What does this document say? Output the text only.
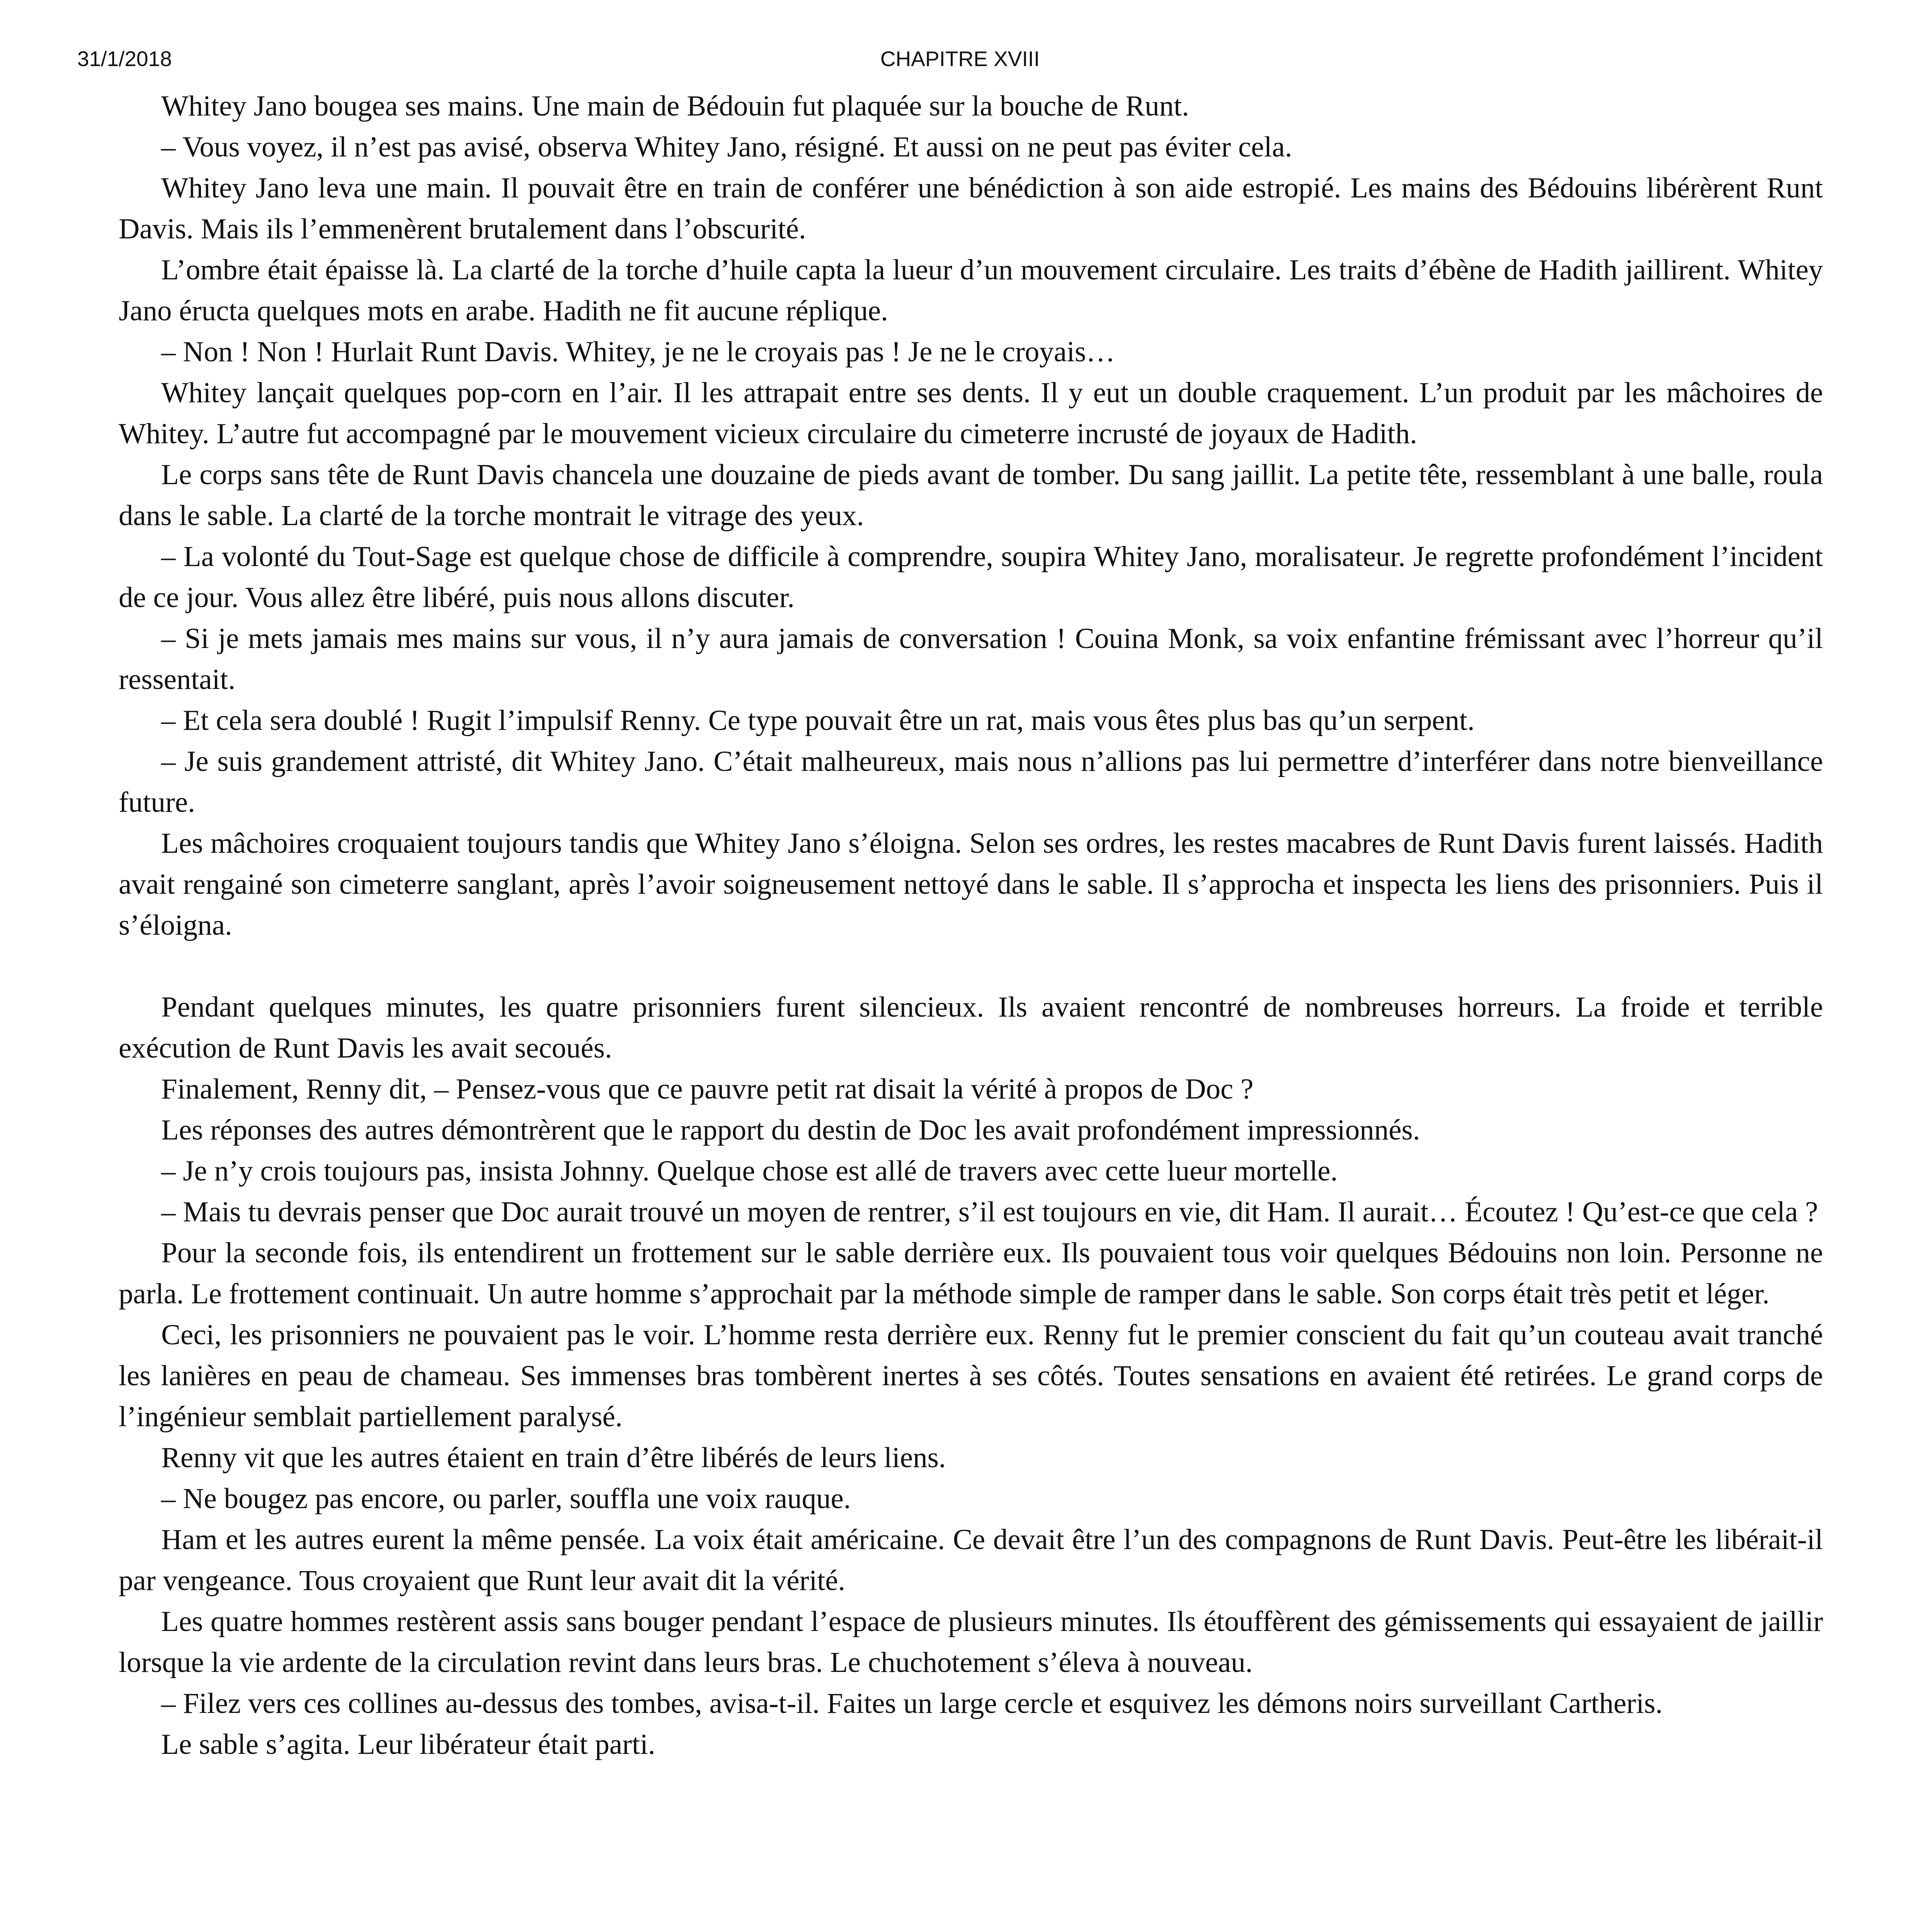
31/1/2018	CHAPITRE XVIII

Whitey Jano bougea ses mains. Une main de Bédouin fut plaquée sur la bouche de Runt.

– Vous voyez, il n’est pas avisé, observa Whitey Jano, résigné. Et aussi on ne peut pas éviter cela.

Whitey Jano leva une main. Il pouvait être en train de conférer une bénédiction à son aide estropié. Les mains des Bédouins libérèrent Runt Davis. Mais ils l’emmenèrent brutalement dans l’obscurité.

L’ombre était épaisse là. La clarté de la torche d’huile capta la lueur d’un mouvement circulaire. Les traits d’ébène de Hadith jaillirent. Whitey Jano éructa quelques mots en arabe. Hadith ne fit aucune réplique.

– Non ! Non ! Hurlait Runt Davis. Whitey, je ne le croyais pas ! Je ne le croyais…

Whitey lançait quelques pop-corn en l’air. Il les attrapait entre ses dents. Il y eut un double craquement. L’un produit par les mâchoires de Whitey. L’autre fut accompagné par le mouvement vicieux circulaire du cimeterre incrusté de joyaux de Hadith.

Le corps sans tête de Runt Davis chancela une douzaine de pieds avant de tomber. Du sang jaillit. La petite tête, ressemblant à une balle, roula dans le sable. La clarté de la torche montrait le vitrage des yeux.

– La volonté du Tout-Sage est quelque chose de difficile à comprendre, soupira Whitey Jano, moralisateur. Je regrette profondément l’incident de ce jour. Vous allez être libéré, puis nous allons discuter.

– Si je mets jamais mes mains sur vous, il n’y aura jamais de conversation ! Couina Monk, sa voix enfantine frémissant avec l’horreur qu’il ressentait.

– Et cela sera doublé ! Rugit l’impulsif Renny. Ce type pouvait être un rat, mais vous êtes plus bas qu’un serpent.

– Je suis grandement attristé, dit Whitey Jano. C’était malheureux, mais nous n’allions pas lui permettre d’interférer dans notre bienveillance future.

Les mâchoires croquaient toujours tandis que Whitey Jano s’éloigna. Selon ses ordres, les restes macabres de Runt Davis furent laissés. Hadith avait rengainé son cimeterre sanglant, après l’avoir soigneusement nettoyé dans le sable. Il s’approcha et inspecta les liens des prisonniers. Puis il s’éloigna.

Pendant quelques minutes, les quatre prisonniers furent silencieux. Ils avaient rencontré de nombreuses horreurs. La froide et terrible exécution de Runt Davis les avait secoués.

Finalement, Renny dit, – Pensez-vous que ce pauvre petit rat disait la vérité à propos de Doc ?

Les réponses des autres démontrèrent que le rapport du destin de Doc les avait profondément impressionnés.

– Je n’y crois toujours pas, insista Johnny. Quelque chose est allé de travers avec cette lueur mortelle.

– Mais tu devrais penser que Doc aurait trouvé un moyen de rentrer, s’il est toujours en vie, dit Ham. Il aurait… Écoutez ! Qu’est-ce que cela ?

Pour la seconde fois, ils entendirent un frottement sur le sable derrière eux. Ils pouvaient tous voir quelques Bédouins non loin. Personne ne parla. Le frottement continuait. Un autre homme s’approchait par la méthode simple de ramper dans le sable. Son corps était très petit et léger.

Ceci, les prisonniers ne pouvaient pas le voir. L’homme resta derrière eux. Renny fut le premier conscient du fait qu’un couteau avait tranché les lanières en peau de chameau. Ses immenses bras tombèrent inertes à ses côtés. Toutes sensations en avaient été retirées. Le grand corps de l’ingénieur semblait partiellement paralysé.

Renny vit que les autres étaient en train d’être libérés de leurs liens.

– Ne bougez pas encore, ou parler, souffla une voix rauque.

Ham et les autres eurent la même pensée. La voix était américaine. Ce devait être l’un des compagnons de Runt Davis. Peut-être les libérait-il par vengeance. Tous croyaient que Runt leur avait dit la vérité.

Les quatre hommes restèrent assis sans bouger pendant l’espace de plusieurs minutes. Ils étouffèrent des gémissements qui essayaient de jaillir lorsque la vie ardente de la circulation revint dans leurs bras. Le chuchotement s’éleva à nouveau.

– Filez vers ces collines au-dessus des tombes, avisa-t-il. Faites un large cercle et esquivez les démons noirs surveillant Cartheris.

Le sable s’agita. Leur libérateur était parti.
